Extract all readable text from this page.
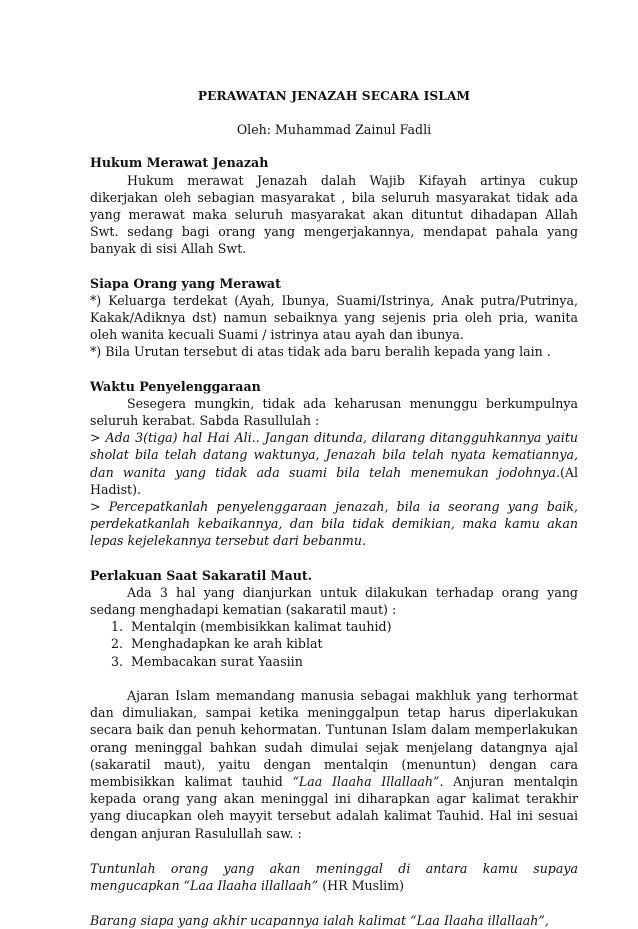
PERAWATAN JENAZAH SECARA ISLAM

Oleh: Muhammad Zainul Fadli

Hukum Merawat Jenazah

Hukum merawat Jenazah dalah Wajib Kifayah artinya cukup dikerjakan oleh sebagian masyarakat , bila seluruh masyarakat tidak ada yang merawat maka seluruh masyarakat akan dituntut dihadapan Allah Swt. sedang bagi orang yang mengerjakannya, mendapat pahala yang banyak di sisi Allah Swt.

Siapa Orang yang Merawat

*) Keluarga terdekat (Ayah, Ibunya, Suami/Istrinya, Anak putra/Putrinya, Kakak/Adiknya dst) namun sebaiknya yang sejenis pria oleh pria, wanita oleh wanita kecuali Suami / istrinya atau ayah dan ibunya.

*) Bila Urutan tersebut di atas tidak ada baru beralih kepada yang lain .

Waktu Penyelenggaraan

Sesegera mungkin, tidak ada keharusan menunggu berkumpulnya seluruh kerabat. Sabda Rasullulah :

> Ada 3(tiga) hal Hai Ali.. Jangan ditunda, dilarang ditangguhkannya yaitu sholat bila telah datang waktunya, Jenazah bila telah nyata kematiannya, dan wanita yang tidak ada suami bila telah menemukan jodohnya.(Al Hadist).

> Percepatkanlah penyelenggaraan jenazah, bila ia seorang yang baik, perdekatkanlah kebaikannya, dan bila tidak demikian, maka kamu akan lepas kejelekannya tersebut dari bebanmu.

Perlakuan Saat Sakaratil Maut.

Ada 3 hal yang dianjurkan untuk dilakukan terhadap orang yang sedang menghadapi kematian (sakaratil maut) :

1. Mentalqin (membisikkan kalimat tauhid)
2. Menghadapkan ke arah kiblat
3. Membacakan surat Yaasiin

Ajaran Islam memandang manusia sebagai makhluk yang terhormat dan dimuliakan, sampai ketika meninggalpun tetap harus diperlakukan secara baik dan penuh kehormatan. Tuntunan Islam dalam memperlakukan orang meninggal bahkan sudah dimulai sejak menjelang datangnya ajal (sakaratil maut), yaitu dengan mentalqin (menuntun) dengan cara membisikkan kalimat tauhid “Laa Ilaaha Illallaah”. Anjuran mentalqin kepada orang yang akan meninggal ini diharapkan agar kalimat terakhir yang diucapkan oleh mayyit tersebut adalah kalimat Tauhid. Hal ini sesuai dengan anjuran Rasulullah saw. :

Tuntunlah orang yang akan meninggal di antara kamu supaya mengucapkan “Laa Ilaaha illallaah” (HR Muslim)

Barang siapa yang akhir ucapannya ialah kalimat “Laa Ilaaha illallaah”,
